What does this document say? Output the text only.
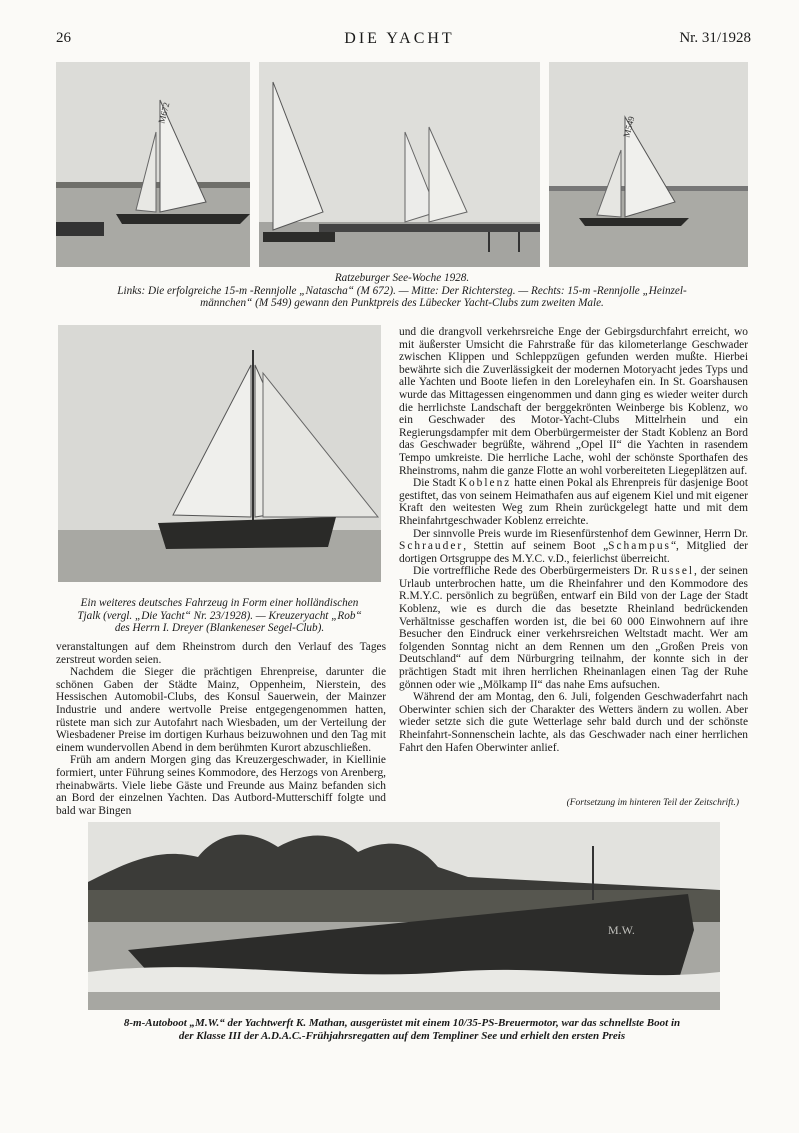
26	DIE YACHT	Nr. 31/1928
M672
M549
Ratzeburger See-Woche 1928.
Links: Die erfolgreiche 15-m -Rennjolle „Natascha“ (M 672). — Mitte: Der Richtersteg. — Rechts: 15-m -Rennjolle „Heinzel-
männchen“ (M 549) gewann den Punktpreis des Lübecker Yacht-Clubs zum zweiten Male.
Ein weiteres deutsches Fahrzeug in Form einer holländischen
Tjalk (vergl. „Die Yacht“ Nr. 23/1928). — Kreuzeryacht „Rob“
des Herrn I. Dreyer (Blankeneser Segel-Club).

veranstaltungen auf dem Rheinstrom durch den Verlauf des Tages zerstreut worden seien.

Nachdem die Sieger die prächtigen Ehrenpreise, darunter die schönen Gaben der Städte Mainz, Oppenheim, Nierstein, des Hessischen Automobil-Clubs, des Konsul Sauerwein, der Mainzer Industrie und andere wertvolle Preise entgegengenommen hatten, rüstete man sich zur Autofahrt nach Wiesbaden, um der Verteilung der Wiesbadener Preise im dortigen Kurhaus beizuwohnen und den Tag mit einem wundervollen Abend in dem berühmten Kurort abzuschließen.

Früh am andern Morgen ging das Kreuzergeschwader, in Kiellinie formiert, unter Führung seines Kommodore, des Herzogs von Arenberg, rheinabwärts. Viele liebe Gäste und Freunde aus Mainz befanden sich an Bord der einzelnen Yachten. Das Autbord-Mutterschiff folgte und bald war Bingen

und die drangvoll verkehrsreiche Enge der Gebirgsdurchfahrt erreicht, wo mit äußerster Umsicht die Fahrstraße für das kilometerlange Geschwader zwischen Klippen und Schleppzügen gefunden werden mußte. Hierbei bewährte sich die Zuverlässigkeit der modernen Motoryacht jedes Typs und alle Yachten und Boote liefen in den Loreleyhafen ein. In St. Goarshausen wurde das Mittagessen eingenommen und dann ging es wieder weiter durch die herrlichste Landschaft der berggekrönten Weinberge bis Koblenz, wo ein Geschwader des Motor-Yacht-Clubs Mittelrhein und ein Regierungsdampfer mit dem Oberbürgermeister der Stadt Koblenz an Bord das Geschwader begrüßte, während „Opel II“ die Yachten in rasendem Tempo umkreiste. Die herrliche Lache, wohl der schönste Sporthafen des Rheinstroms, nahm die ganze Flotte an wohl vorbereiteten Liegeplätzen auf.

Die Stadt Koblenz hatte einen Pokal als Ehrenpreis für dasjenige Boot gestiftet, das von seinem Heimathafen aus auf eigenem Kiel und mit eigener Kraft den weitesten Weg zum Rhein zurückgelegt hatte und mit dem Rheinfahrtgeschwader Koblenz erreichte.

Der sinnvolle Preis wurde im Riesenfürstenhof dem Gewinner, Herrn Dr. Schrauder, Stettin auf seinem Boot „Schampus“, Mitglied der dortigen Ortsgruppe des M.Y.C. v.D., feierlichst überreicht.

Die vortreffliche Rede des Oberbürgermeisters Dr. Russel, der seinen Urlaub unterbrochen hatte, um die Rheinfahrer und den Kommodore des R.M.Y.C. persönlich zu begrüßen, entwarf ein Bild von der Lage der Stadt Koblenz, wie es durch die das besetzte Rheinland bedrückenden Verhältnisse geschaffen worden ist, die bei 60 000 Einwohnern auf ihre Besucher den Eindruck einer verkehrsreichen Weltstadt macht. Wer am folgenden Sonntag nicht an dem Rennen um den „Großen Preis von Deutschland“ auf dem Nürburgring teilnahm, der konnte sich in der prächtigen Stadt mit ihren herrlichen Rheinanlagen einen Tag der Ruhe gönnen oder wie „Mölkamp II“ das nahe Ems aufsuchen.

Während der am Montag, den 6. Juli, folgenden Geschwaderfahrt nach Oberwinter schien sich der Charakter des Wetters ändern zu wollen. Aber wieder setzte sich die gute Wetterlage sehr bald durch und der schönste Rheinfahrt-Sonnenschein lachte, als das Geschwader nach einer herrlichen Fahrt den Hafen Oberwinter anlief.

(Fortsetzung im hinteren Teil der Zeitschrift.)
M.W.
8-m-Autoboot „M.W.“ der Yachtwerft K. Mathan, ausgerüstet mit einem 10/35-PS-Breuermotor, war das schnellste Boot in
der Klasse III der A.D.A.C.-Frühjahrsregatten auf dem Templiner See und erhielt den ersten Preis
